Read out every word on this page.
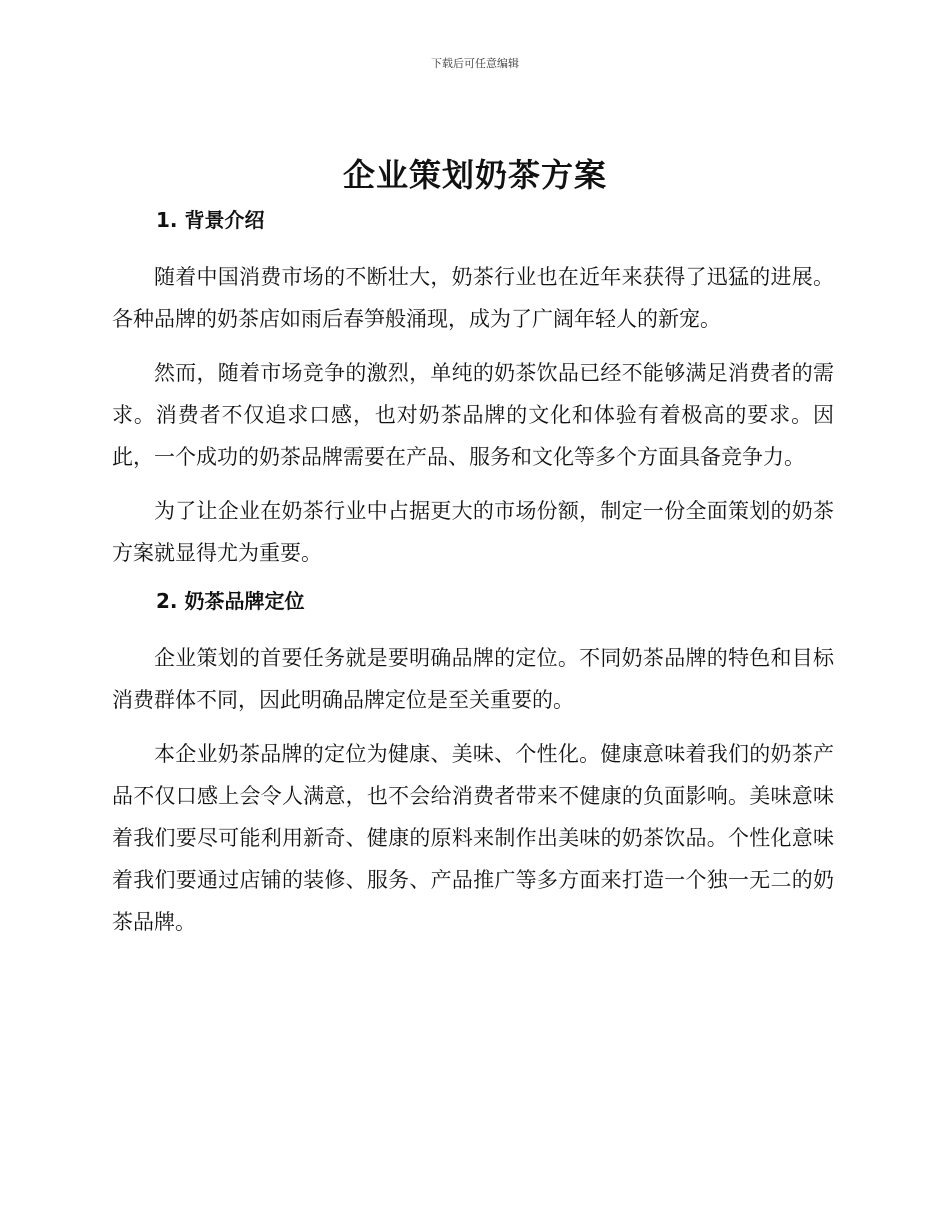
下载后可任意编辑
企业策划奶茶方案
1. 背景介绍

随着中国消费市场的不断壮大，奶茶行业也在近年来获得了迅猛的进展。各种品牌的奶茶店如雨后春笋般涌现，成为了广阔年轻人的新宠。

然而，随着市场竞争的激烈，单纯的奶茶饮品已经不能够满足消费者的需求。消费者不仅追求口感，也对奶茶品牌的文化和体验有着极高的要求。因此，一个成功的奶茶品牌需要在产品、服务和文化等多个方面具备竞争力。

为了让企业在奶茶行业中占据更大的市场份额，制定一份全面策划的奶茶方案就显得尤为重要。

2. 奶茶品牌定位

企业策划的首要任务就是要明确品牌的定位。不同奶茶品牌的特色和目标消费群体不同，因此明确品牌定位是至关重要的。

本企业奶茶品牌的定位为健康、美味、个性化。健康意味着我们的奶茶产品不仅口感上会令人满意，也不会给消费者带来不健康的负面影响。美味意味着我们要尽可能利用新奇、健康的原料来制作出美味的奶茶饮品。个性化意味着我们要通过店铺的装修、服务、产品推广等多方面来打造一个独一无二的奶茶品牌。
